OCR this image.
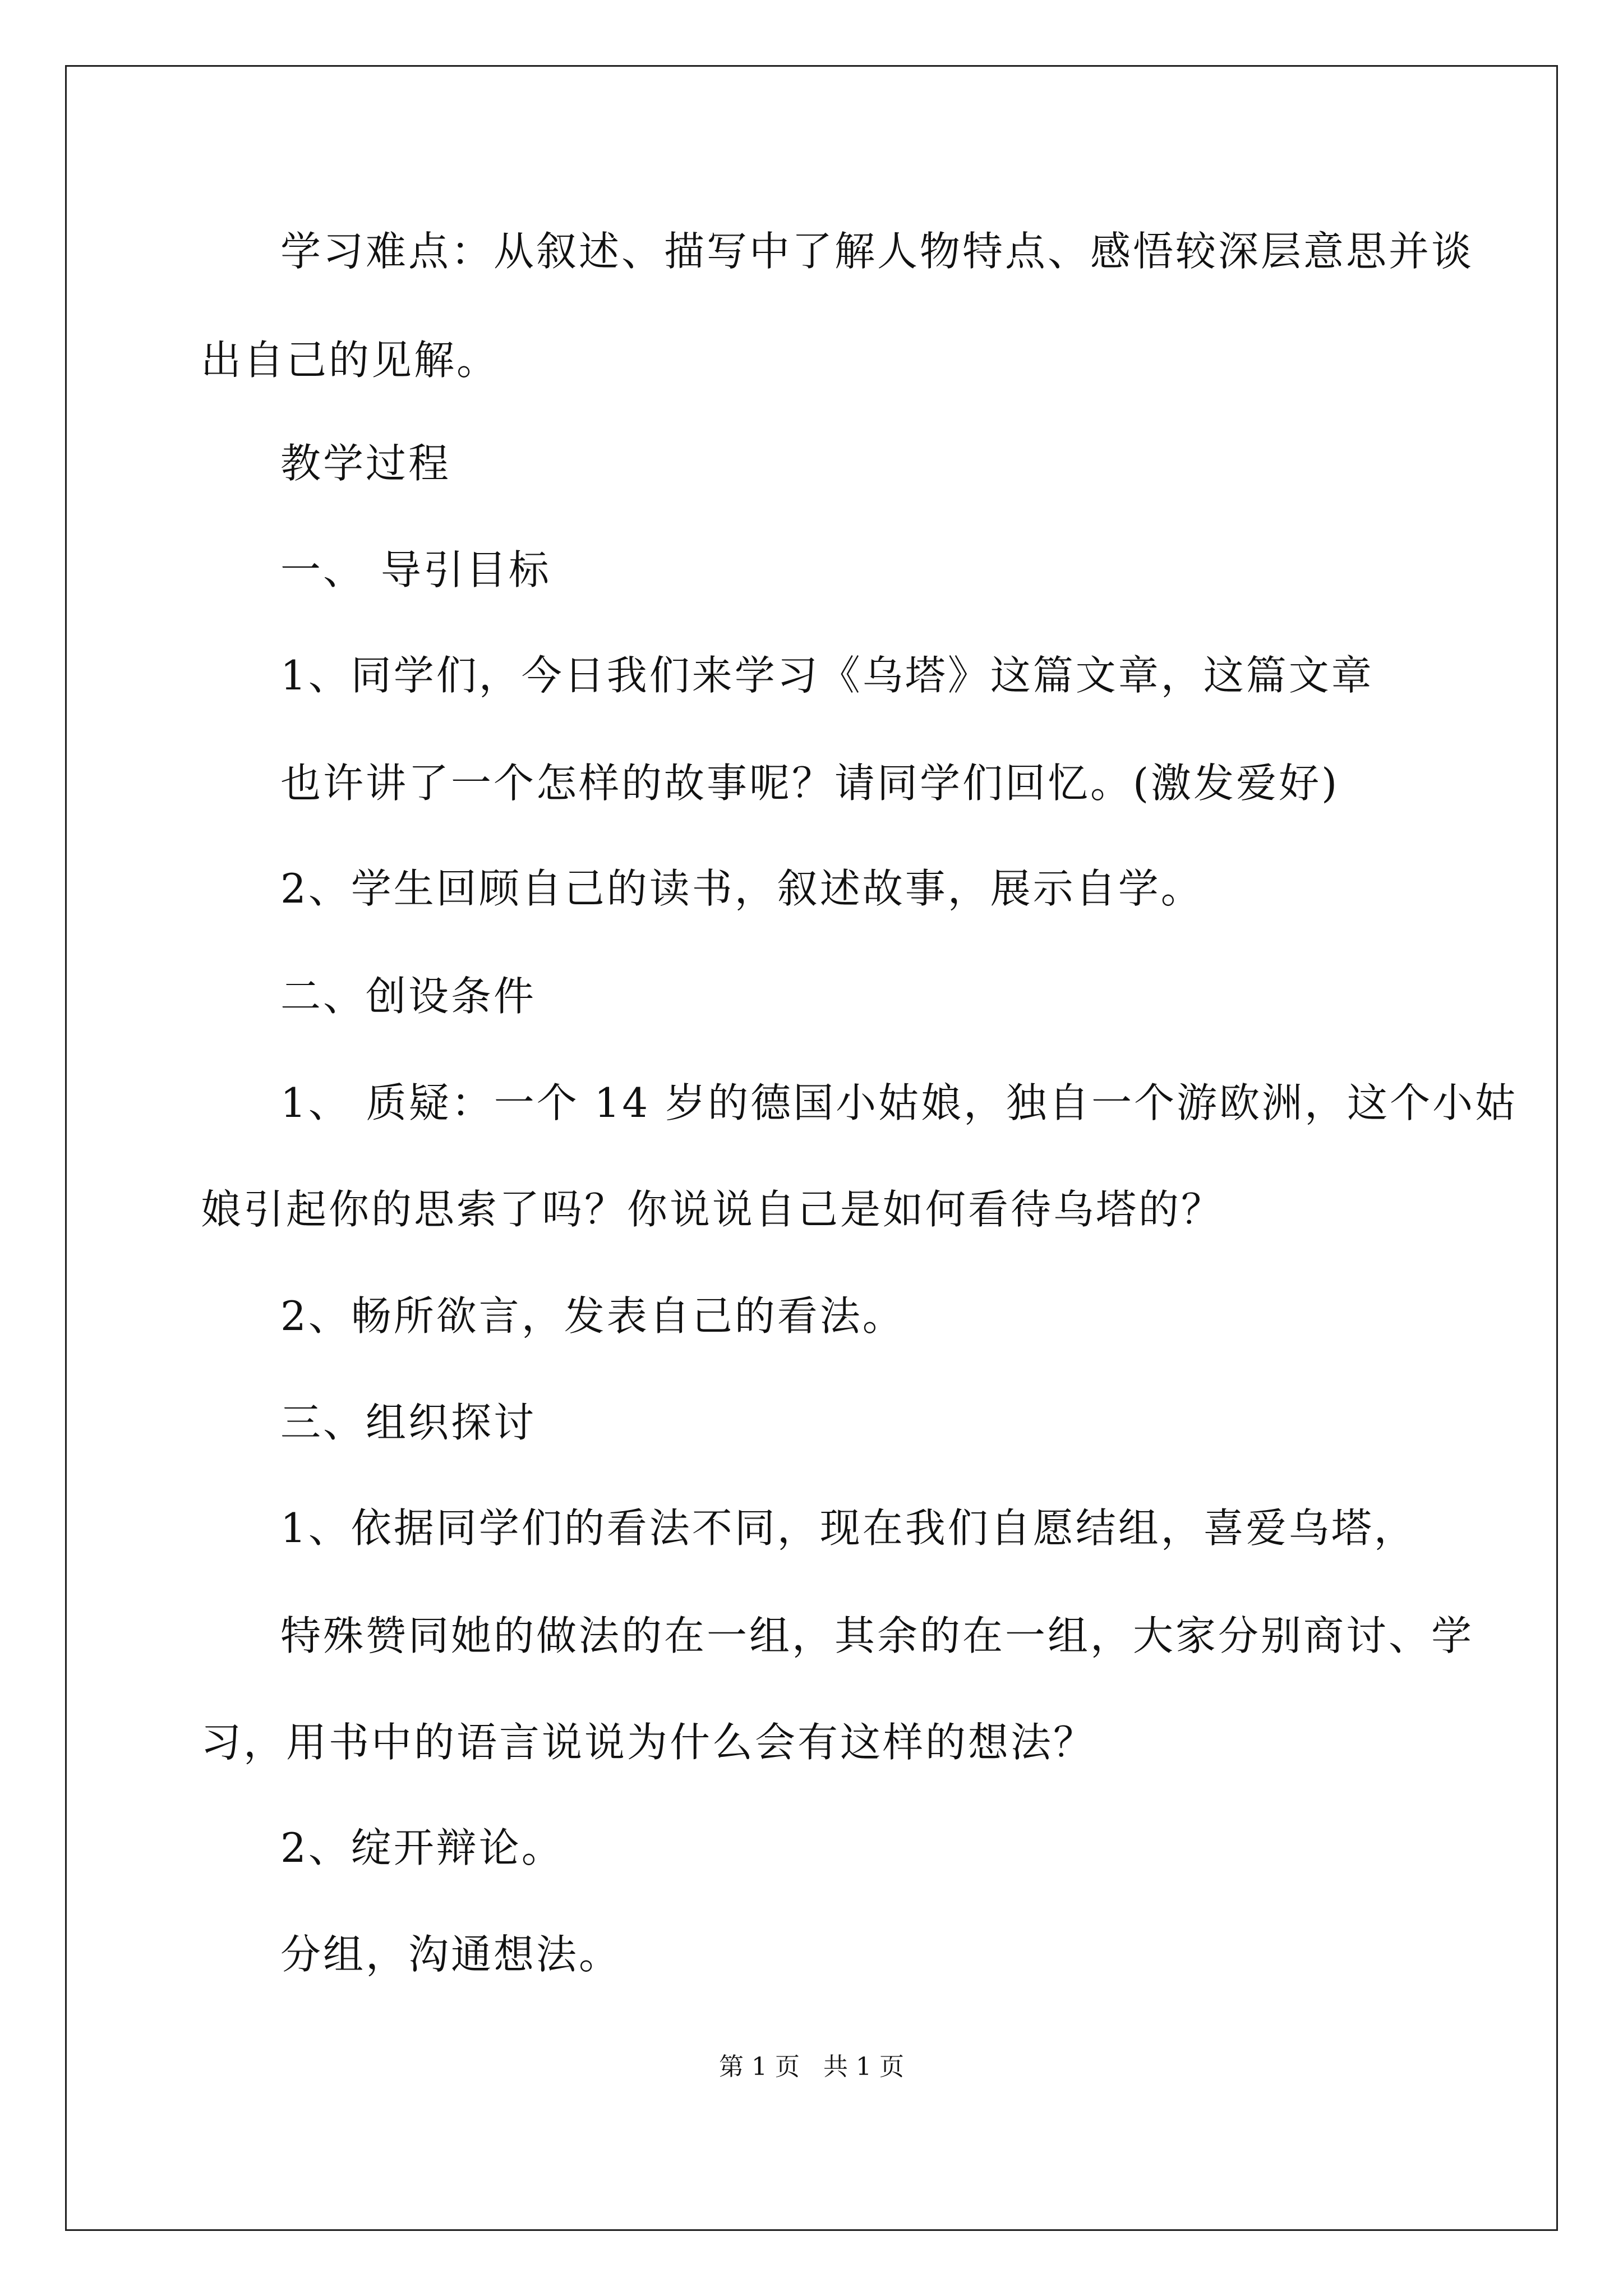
学习难点：从叙述、描写中了解人物特点、感悟较深层意思并谈
出自己的见解。
教学过程
一、 导引目标
1、同学们，今日我们来学习《乌塔》这篇文章，这篇文章
也许讲了一个怎样的故事呢？请同学们回忆。(激发爱好)
2、学生回顾自己的读书，叙述故事，展示自学。
二、创设条件
1、 质疑：一个 14 岁的德国小姑娘，独自一个游欧洲，这个小姑
娘引起你的思索了吗？你说说自己是如何看待乌塔的？
2、畅所欲言，发表自己的看法。
三、组织探讨
1、依据同学们的看法不同，现在我们自愿结组，喜爱乌塔，
特殊赞同她的做法的在一组，其余的在一组，大家分别商讨、学
习，用书中的语言说说为什么会有这样的想法？
2、绽开辩论。
分组，沟通想法。
第 1 页 共 1 页
